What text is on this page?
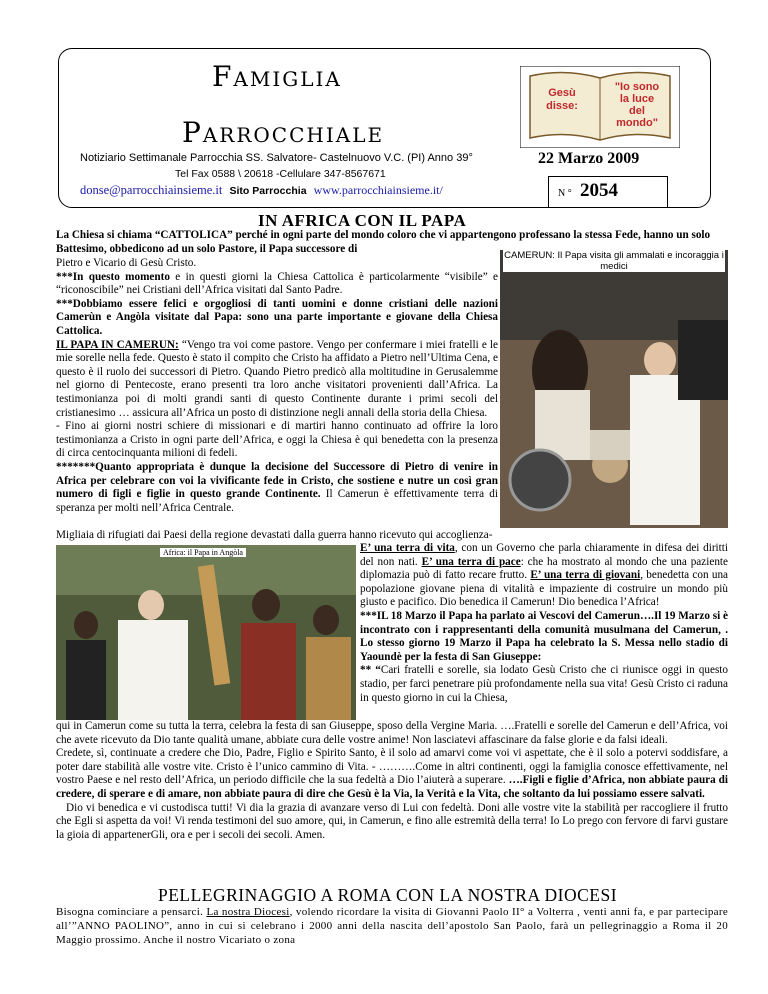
Famiglia
Parrocchiale
Notiziario Settimanale Parrocchia SS. Salvatore- Castelnuovo V.C. (PI) Anno 39°
Tel Fax 0588 \ 20618 -Cellulare 347-8567671
donse@parrocchiainsieme.it Sito Parrocchia www.parrocchiainsieme.it/
Gesù
disse:
"Io sono
la luce
del
mondo"
22 Marzo 2009
N ° 2054
IN AFRICA CON IL PAPA
La Chiesa si chiama “CATTOLICA” perché in ogni parte del mondo coloro che vi appartengono professano la stessa Fede, hanno un solo Battesimo, obbedicono ad un solo Pastore, il Papa successore di
CAMERUN: Il Papa visita gli ammalati e incoraggia i medici
Pietro e Vicario di Gesù Cristo.
***In questo momento e in questi giorni la Chiesa Cattolica è particolarmente “visibile” e “riconoscibile” nei Cristiani dell’Africa visitati dal Santo Padre.
***Dobbiamo essere felici e orgogliosi di tanti uomini e donne cristiani delle nazioni Camerùn e Angòla visitate dal Papa: sono una parte importante e giovane della Chiesa Cattolica.
IL PAPA IN CAMERUN: “Vengo tra voi come pastore. Vengo per confermare i miei fratelli e le mie sorelle nella fede. Questo è stato il compito che Cristo ha affidato a Pietro nell’Ultima Cena, e questo è il ruolo dei successori di Pietro. Quando Pietro predicò alla moltitudine in Gerusalemme nel giorno di Pentecoste, erano presenti tra loro anche visitatori provenienti dall’Africa. La testimonianza poi di molti grandi santi di questo Continente durante i primi secoli del cristianesimo … assicura all’Africa un posto di distinzione negli annali della storia della Chiesa.
- Fino ai giorni nostri schiere di missionari e di martiri hanno continuato ad offrire la loro testimonianza a Cristo in ogni parte dell’Africa, e oggi la Chiesa è qui benedetta con la presenza di circa centocinquanta milioni di fedeli.
*******Quanto appropriata è dunque la decisione del Successore di Pietro di venire in Africa per celebrare con voi la vivificante fede in Cristo, che sostiene e nutre un così gran numero di figli e figlie in questo grande Continente. Il Camerun è effettivamente terra di speranza per molti nell’Africa Centrale.
Migliaia di rifugiati dai Paesi della regione devastati dalla guerra hanno ricevuto qui accoglienza-
Africa: il Papa in Angòla	E’ una terra di vita, con un Governo che parla chiaramente in difesa dei diritti del non nati. E’ una terra di pace: che ha mostrato al mondo che una paziente diplomazia può di fatto recare frutto. E’ una terra di giovani, benedetta con una popolazione giovane piena di vitalità e impaziente di costruire un mondo più giusto e pacifico. Dio benedica il Camerun! Dio benedica l’Africa!
***IL 18 Marzo il Papa ha parlato ai Vescovi del Camerun….Il 19 Marzo si è incontrato con i rappresentanti della comunità musulmana del Camerun, . Lo stesso giorno 19 Marzo il Papa ha celebrato la S. Messa nello stadio di Yaoundè per la festa di San Giuseppe:
** “Cari fratelli e sorelle, sia lodato Gesù Cristo che ci riunisce oggi in questo stadio, per farci penetrare più profondamente nella sua vita! Gesù Cristo ci raduna in questo giorno in cui la Chiesa,
qui in Camerun come su tutta la terra, celebra la festa di san Giuseppe, sposo della Vergine Maria. ….Fratelli e sorelle del Camerun e dell’Africa, voi che avete ricevuto da Dio tante qualità umane, abbiate cura delle vostre anime! Non lasciatevi affascinare da false glorie e da falsi ideali.
Credete, sì, continuate a credere che Dio, Padre, Figlio e Spirito Santo, è il solo ad amarvi come voi vi aspettate, che è il solo a potervi soddisfare, a poter dare stabilità alle vostre vite. Cristo è l’unico cammino di Vita. - ……….Come in altri continenti, oggi la famiglia conosce effettivamente, nel vostro Paese e nel resto dell’Africa, un periodo difficile che la sua fedeltà a Dio l’aiuterà a superare. ….Figli e figlie d’Africa, non abbiate paura di credere, di sperare e di amare, non abbiate paura di dire che Gesù è la Via, la Verità e la Vita, che soltanto da lui possiamo essere salvati.
Dio vi benedica e vi custodisca tutti! Vi dia la grazia di avanzare verso di Lui con fedeltà. Doni alle vostre vite la stabilità per raccogliere il frutto che Egli si aspetta da voi! Vi renda testimoni del suo amore, qui, in Camerun, e fino alle estremità della terra! Io Lo prego con fervore di farvi gustare la gioia di appartenerGli, ora e per i secoli dei secoli. Amen.
PELLEGRINAGGIO A ROMA CON LA NOSTRA DIOCESI
Bisogna cominciare a pensarci. La nostra Diocesi, volendo ricordare la visita di Giovanni Paolo II° a Volterra , venti anni fa, e par partecipare all’”ANNO PAOLINO”, anno in cui si celebrano i 2000 anni della nascita dell’apostolo San Paolo, farà un pellegrinaggio a Roma il 20 Maggio prossimo. Anche il nostro Vicariato o zona
